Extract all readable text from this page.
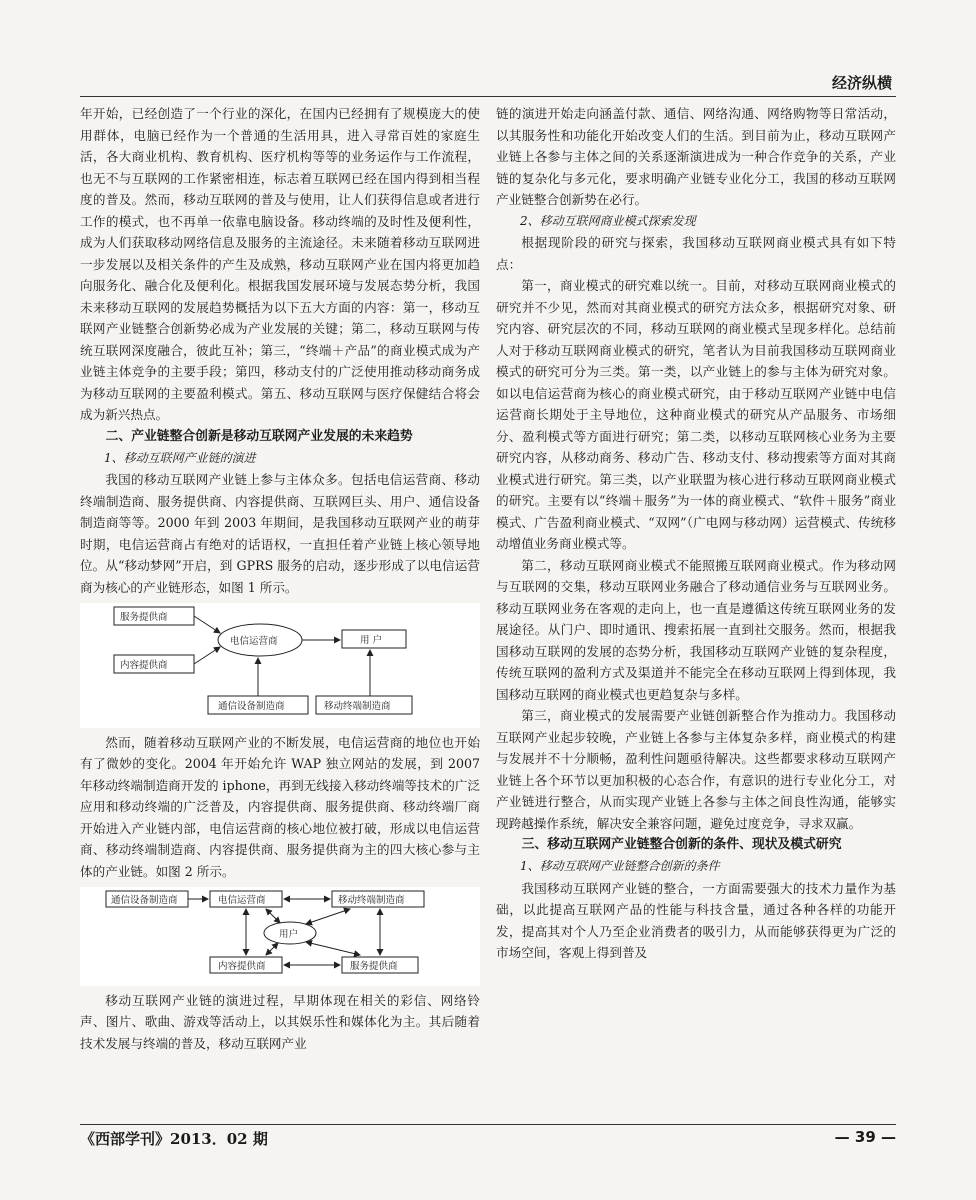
经济纵横

年开始，已经创造了一个行业的深化，在国内已经拥有了规模庞大的使用群体，电脑已经作为一个普通的生活用具，进入寻常百姓的家庭生活，各大商业机构、教育机构、医疗机构等等的业务运作与工作流程，也无不与互联网的工作紧密相连，标志着互联网已经在国内得到相当程度的普及。然而，移动互联网的普及与使用，让人们获得信息或者进行工作的模式，也不再单一依靠电脑设备。移动终端的及时性及便利性，成为人们获取移动网络信息及服务的主流途径。未来随着移动互联网进一步发展以及相关条件的产生及成熟，移动互联网产业在国内将更加趋向服务化、融合化及便利化。根据我国发展环境与发展态势分析，我国未来移动互联网的发展趋势概括为以下五大方面的内容：第一，移动互联网产业链整合创新势必成为产业发展的关键；第二，移动互联网与传统互联网深度融合，彼此互补；第三，“终端＋产品”的商业模式成为产业链主体竞争的主要手段；第四，移动支付的广泛使用推动移动商务成为移动互联网的主要盈利模式。第五、移动互联网与医疗保健结合将会成为新兴热点。

二、产业链整合创新是移动互联网产业发展的未来趋势
1、移动互联网产业链的演进

我国的移动互联网产业链上参与主体众多。包括电信运营商、移动终端制造商、服务提供商、内容提供商、互联网巨头、用户、通信设备制造商等等。2000 年到 2003 年期间，是我国移动互联网产业的萌芽时期，电信运营商占有绝对的话语权，一直担任着产业链上核心领导地位。从“移动梦网”开启，到 GPRS 服务的启动，逐步形成了以电信运营商为核心的产业链形态，如图 1 所示。

服务提供商
内容提供商
电信运营商	用 户
通信设备制造商	移动终端制造商

然而，随着移动互联网产业的不断发展，电信运营商的地位也开始有了微妙的变化。2004 年开始允许 WAP 独立网站的发展，到 2007 年移动终端制造商开发的 iphone，再到无线接入移动终端等技术的广泛应用和移动终端的广泛普及，内容提供商、服务提供商、移动终端厂商开始进入产业链内部，电信运营商的核心地位被打破，形成以电信运营商、移动终端制造商、内容提供商、服务提供商为主的四大核心参与主体的产业链。如图 2 所示。

通信设备制造商	电信运营商	移动终端制造商
用户
内容提供商	服务提供商

移动互联网产业链的演进过程，早期体现在相关的彩信、网络铃声、图片、歌曲、游戏等活动上，以其娱乐性和媒体化为主。其后随着技术发展与终端的普及，移动互联网产业

链的演进开始走向涵盖付款、通信、网络沟通、网络购物等日常活动，以其服务性和功能化开始改变人们的生活。到目前为止，移动互联网产业链上各参与主体之间的关系逐渐演进成为一种合作竞争的关系，产业链的复杂化与多元化，要求明确产业链专业化分工，我国的移动互联网产业链整合创新势在必行。

2、移动互联网商业模式探索发现

根据现阶段的研究与探索，我国移动互联网商业模式具有如下特点：

第一，商业模式的研究难以统一。目前，对移动互联网商业模式的研究并不少见，然而对其商业模式的研究方法众多，根据研究对象、研究内容、研究层次的不同，移动互联网的商业模式呈现多样化。总结前人对于移动互联网商业模式的研究，笔者认为目前我国移动互联网商业模式的研究可分为三类。第一类，以产业链上的参与主体为研究对象。如以电信运营商为核心的商业模式研究，由于移动互联网产业链中电信运营商长期处于主导地位，这种商业模式的研究从产品服务、市场细分、盈利模式等方面进行研究；第二类，以移动互联网核心业务为主要研究内容，从移动商务、移动广告、移动支付、移动搜索等方面对其商业模式进行研究。第三类，以产业联盟为核心进行移动互联网商业模式的研究。主要有以“终端＋服务”为一体的商业模式、“软件＋服务”商业模式、广告盈利商业模式、“双网”（广电网与移动网）运营模式、传统移动增值业务商业模式等。

第二，移动互联网商业模式不能照搬互联网商业模式。作为移动网与互联网的交集，移动互联网业务融合了移动通信业务与互联网业务。移动互联网业务在客观的走向上，也一直是遵循这传统互联网业务的发展途径。从门户、即时通讯、搜索拓展一直到社交服务。然而，根据我国移动互联网的发展的态势分析，我国移动互联网产业链的复杂程度，传统互联网的盈利方式及渠道并不能完全在移动互联网上得到体现，我国移动互联网的商业模式也更趋复杂与多样。

第三，商业模式的发展需要产业链创新整合作为推动力。我国移动互联网产业起步较晚，产业链上各参与主体复杂多样，商业模式的构建与发展并不十分顺畅，盈利性问题亟待解决。这些都要求移动互联网产业链上各个环节以更加积极的心态合作，有意识的进行专业化分工，对产业链进行整合，从而实现产业链上各参与主体之间良性沟通，能够实现跨越操作系统，解决安全兼容问题，避免过度竞争，寻求双赢。

三、移动互联网产业链整合创新的条件、现状及模式研究
1、移动互联网产业链整合创新的条件

我国移动互联网产业链的整合，一方面需要强大的技术力量作为基础，以此提高互联网产品的性能与科技含量，通过各种各样的功能开发，提高其对个人乃至企业消费者的吸引力，从而能够获得更为广泛的市场空间，客观上得到普及

《西部学刊》2013．02 期	— 39 —
